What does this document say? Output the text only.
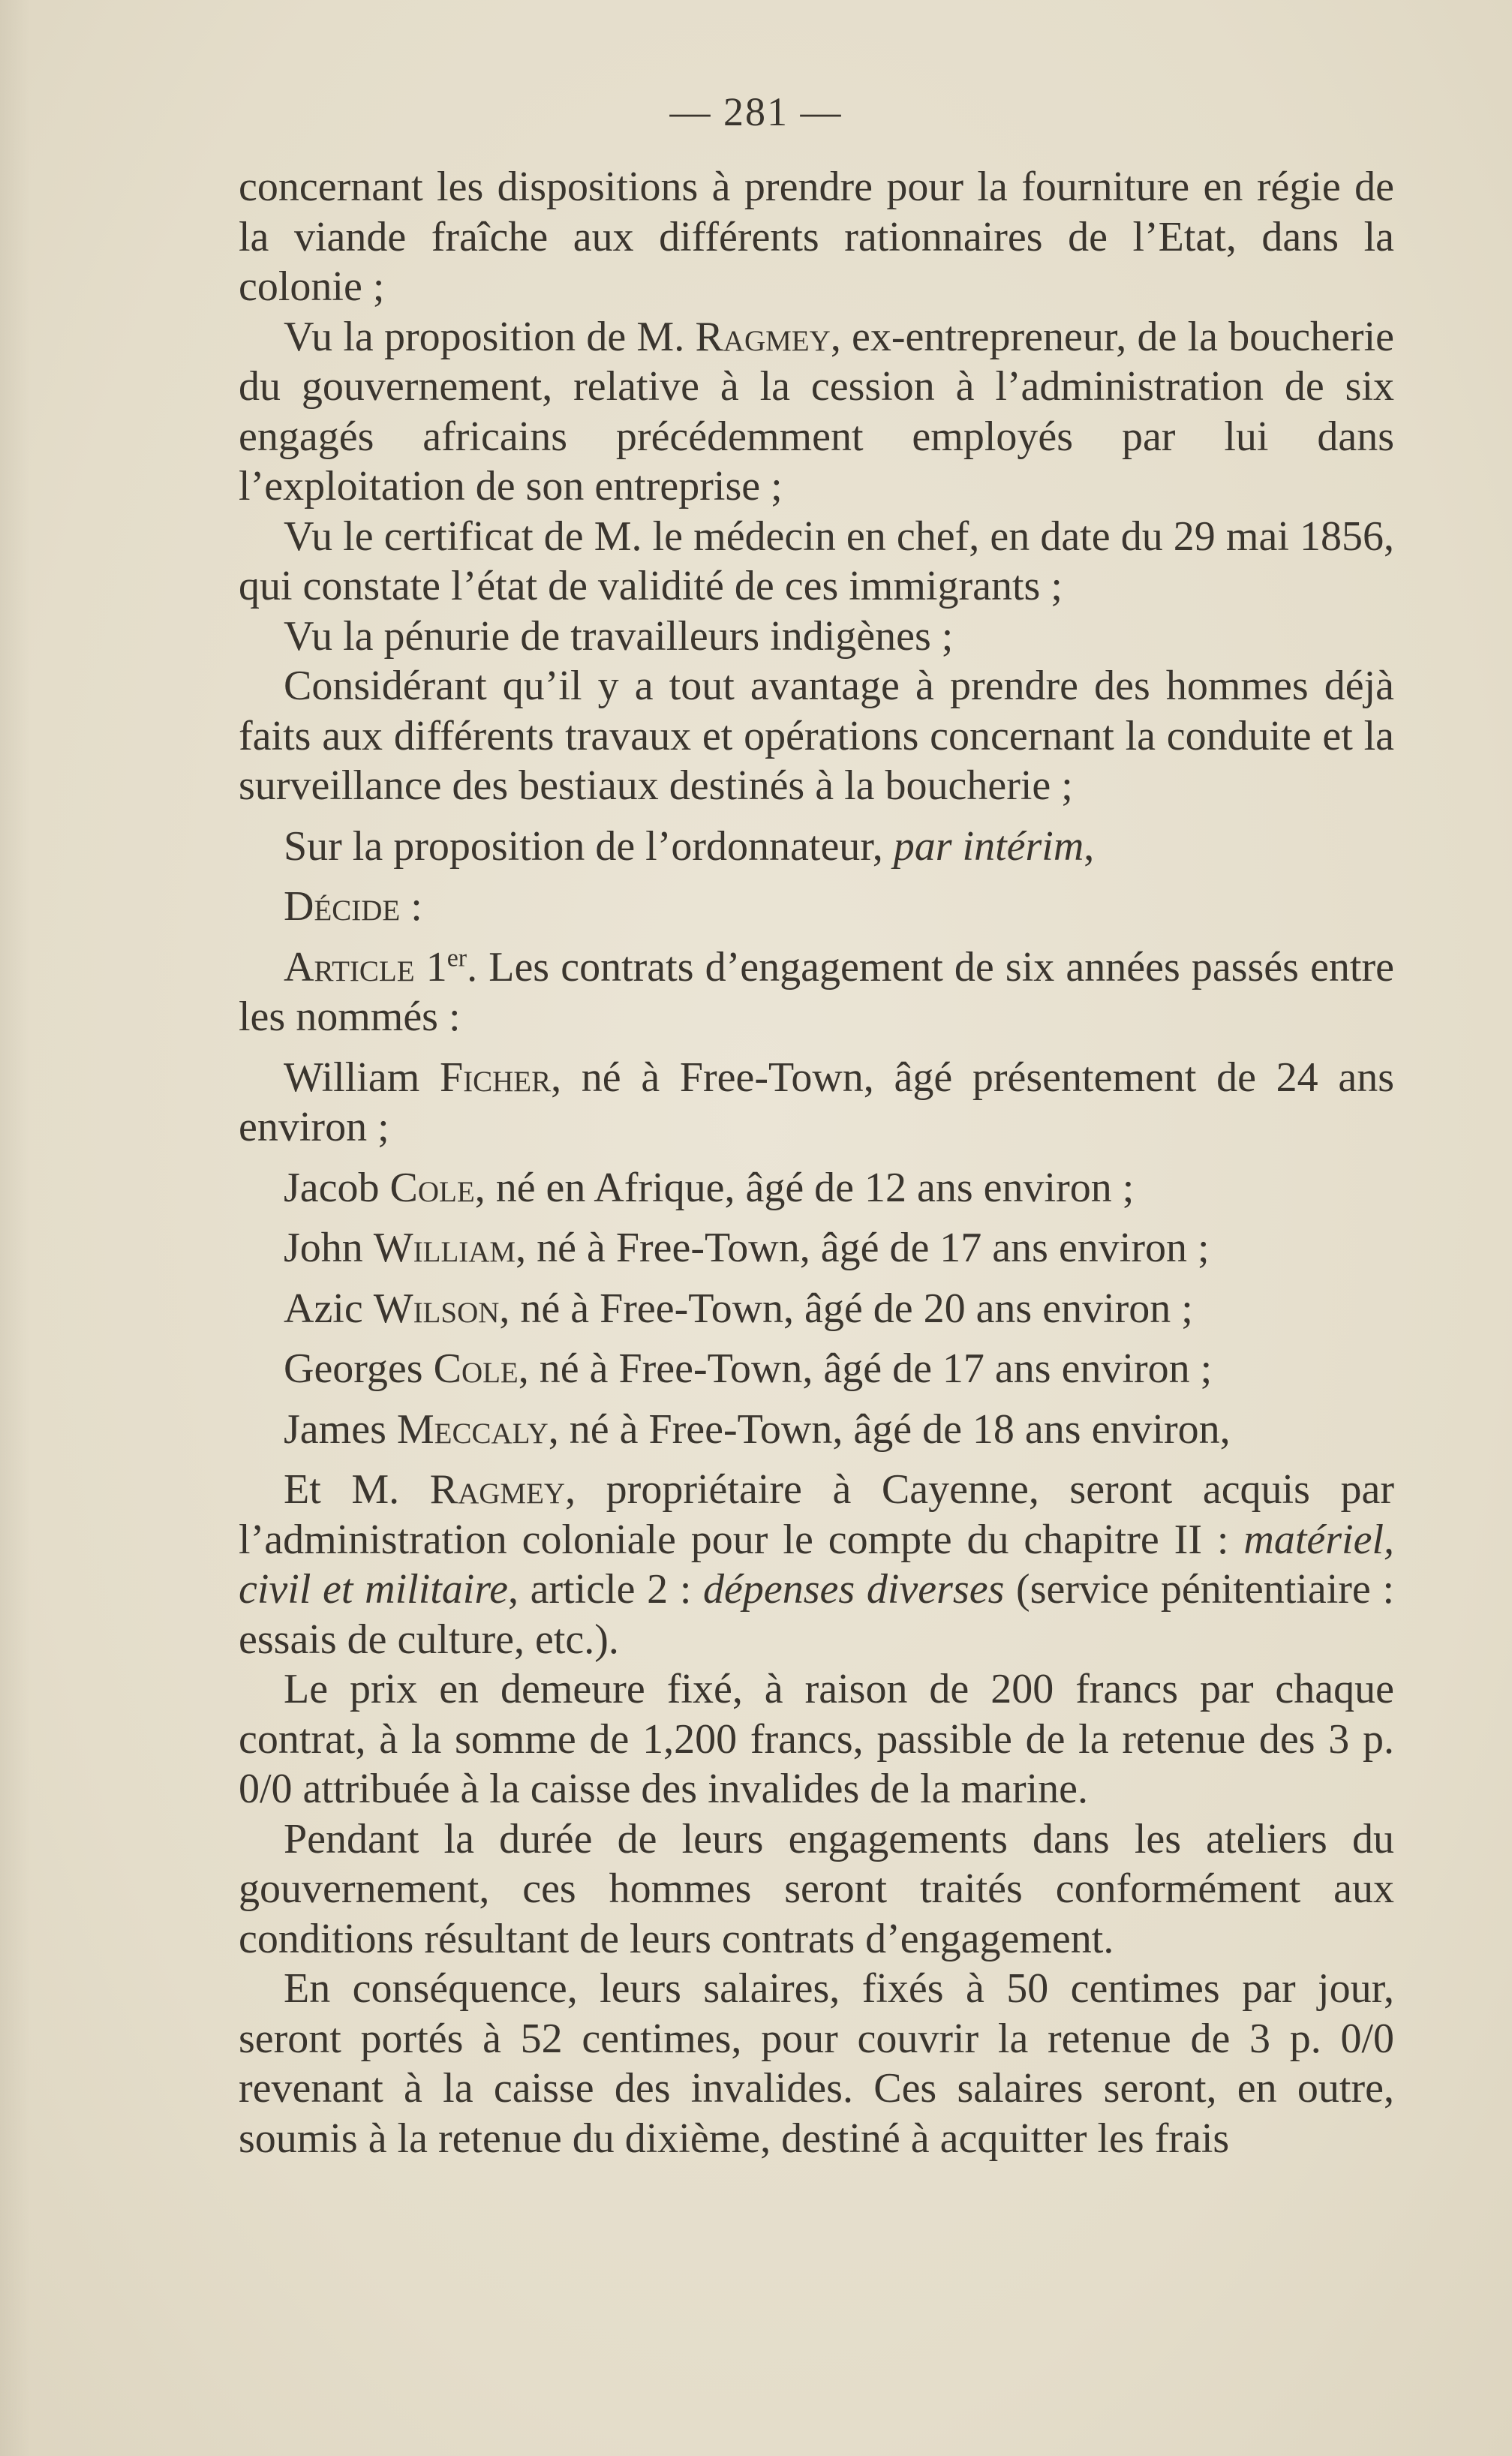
— 281 —

concernant les dispositions à prendre pour la fourniture en régie de la viande fraîche aux différents rationnaires de l’Etat, dans la colonie ;

Vu la proposition de M. Ragmey, ex-entrepreneur, de la boucherie du gouvernement, relative à la cession à l’administration de six engagés africains précédemment employés par lui dans l’exploitation de son entreprise ;

Vu le certificat de M. le médecin en chef, en date du 29 mai 1856, qui constate l’état de validité de ces immigrants ;

Vu la pénurie de travailleurs indigènes ;

Considérant qu’il y a tout avantage à prendre des hommes déjà faits aux différents travaux et opérations concernant la conduite et la surveillance des bestiaux destinés à la boucherie ;

Sur la proposition de l’ordonnateur, par intérim,

Décide :

Article 1er. Les contrats d’engagement de six années passés entre les nommés :

William Ficher, né à Free-Town, âgé présentement de 24 ans environ ;

Jacob Cole, né en Afrique, âgé de 12 ans environ ;

John William, né à Free-Town, âgé de 17 ans environ ;

Azic Wilson, né à Free-Town, âgé de 20 ans environ ;

Georges Cole, né à Free-Town, âgé de 17 ans environ ;

James Meccaly, né à Free-Town, âgé de 18 ans environ,

Et M. Ragmey, propriétaire à Cayenne, seront acquis par l’administration coloniale pour le compte du chapitre II : matériel, civil et militaire, article 2 : dépenses diverses (service pénitentiaire : essais de culture, etc.).

Le prix en demeure fixé, à raison de 200 francs par chaque contrat, à la somme de 1,200 francs, passible de la retenue des 3 p. 0/0 attribuée à la caisse des invalides de la marine.

Pendant la durée de leurs engagements dans les ateliers du gouvernement, ces hommes seront traités conformément aux conditions résultant de leurs contrats d’engagement.

En conséquence, leurs salaires, fixés à 50 centimes par jour, seront portés à 52 centimes, pour couvrir la retenue de 3 p. 0/0 revenant à la caisse des invalides. Ces salaires seront, en outre, soumis à la retenue du dixième, destiné à acquitter les frais
